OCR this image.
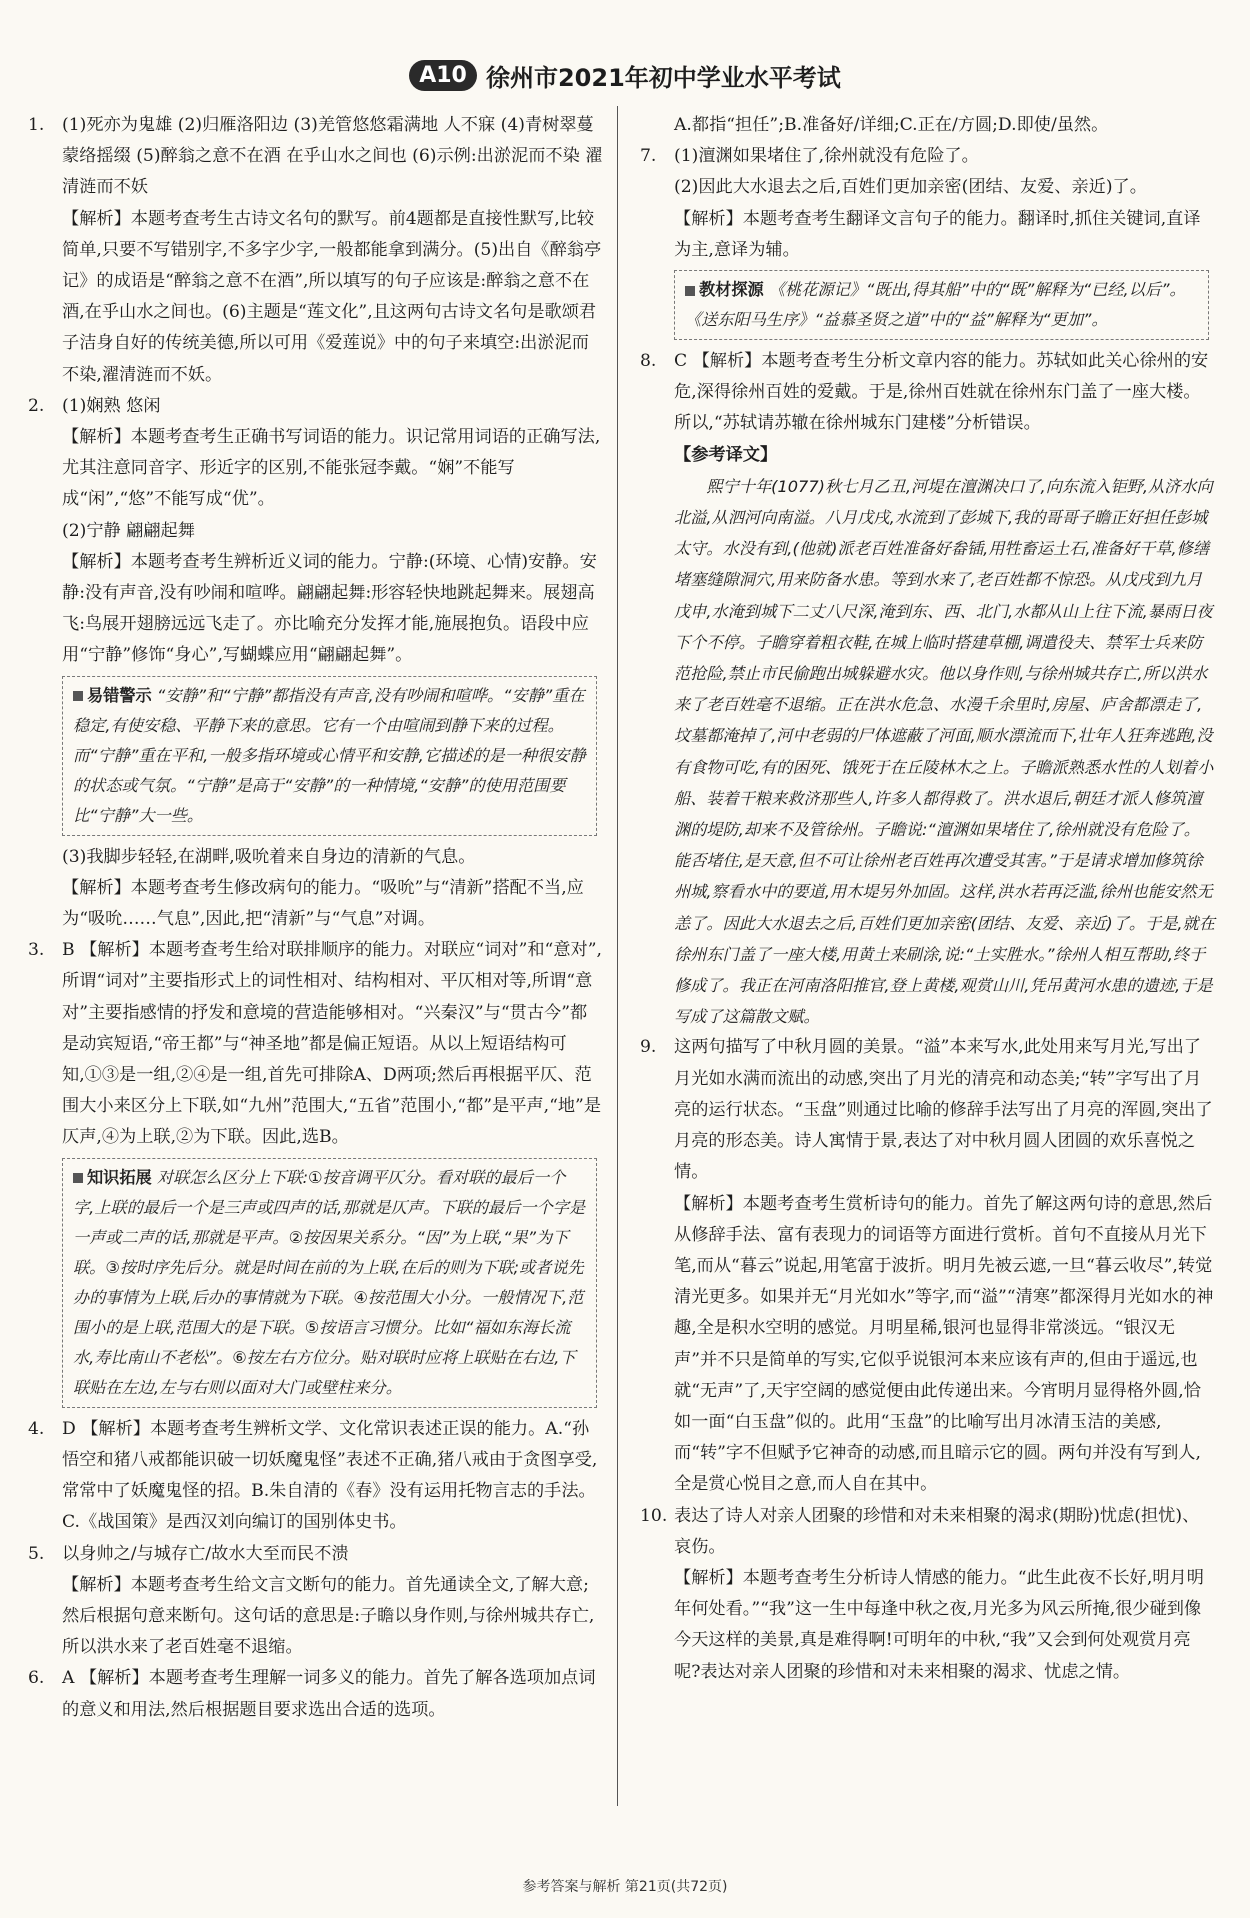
A10 徐州市2021年初中学业水平考试
1.	(1)死亦为鬼雄 (2)归雁洛阳边 (3)羌管悠悠霜满地 人不寐 (4)青树翠蔓 蒙络摇缀 (5)醉翁之意不在酒 在乎山水之间也 (6)示例:出淤泥而不染 濯清涟而不妖
【解析】本题考查考生古诗文名句的默写。前4题都是直接性默写,比较简单,只要不写错别字,不多字少字,一般都能拿到满分。(5)出自《醉翁亭记》的成语是“醉翁之意不在酒”,所以填写的句子应该是:醉翁之意不在酒,在乎山水之间也。(6)主题是“莲文化”,且这两句古诗文名句是歌颂君子洁身自好的传统美德,所以可用《爱莲说》中的句子来填空:出淤泥而不染,濯清涟而不妖。
2.	(1)娴熟 悠闲
【解析】本题考查考生正确书写词语的能力。识记常用词语的正确写法,尤其注意同音字、形近字的区别,不能张冠李戴。“娴”不能写成“闲”,“悠”不能写成“优”。
(2)宁静 翩翩起舞
【解析】本题考查考生辨析近义词的能力。宁静:(环境、心情)安静。安静:没有声音,没有吵闹和喧哗。翩翩起舞:形容轻快地跳起舞来。展翅高飞:鸟展开翅膀远远飞走了。亦比喻充分发挥才能,施展抱负。语段中应用“宁静”修饰“身心”,写蝴蝶应用“翩翩起舞”。
易错警示 “安静”和“宁静”都指没有声音,没有吵闹和喧哗。“安静”重在稳定,有使安稳、平静下来的意思。它有一个由喧闹到静下来的过程。而“宁静”重在平和,一般多指环境或心情平和安静,它描述的是一种很安静的状态或气氛。“宁静”是高于“安静”的一种情境,“安静”的使用范围要比“宁静”大一些。
(3)我脚步轻轻,在湖畔,吸吮着来自身边的清新的气息。
【解析】本题考查考生修改病句的能力。“吸吮”与“清新”搭配不当,应为“吸吮……气息”,因此,把“清新”与“气息”对调。
3.	B 【解析】本题考查考生给对联排顺序的能力。对联应“词对”和“意对”,所谓“词对”主要指形式上的词性相对、结构相对、平仄相对等,所谓“意对”主要指感情的抒发和意境的营造能够相对。“兴秦汉”与“贯古今”都是动宾短语,“帝王都”与“神圣地”都是偏正短语。从以上短语结构可知,①③是一组,②④是一组,首先可排除A、D两项;然后再根据平仄、范围大小来区分上下联,如“九州”范围大,“五省”范围小,“都”是平声,“地”是仄声,④为上联,②为下联。因此,选B。
知识拓展 对联怎么区分上下联:①按音调平仄分。看对联的最后一个字,上联的最后一个是三声或四声的话,那就是仄声。下联的最后一个字是一声或二声的话,那就是平声。②按因果关系分。“因”为上联,“果”为下联。③按时序先后分。就是时间在前的为上联,在后的则为下联;或者说先办的事情为上联,后办的事情就为下联。④按范围大小分。一般情况下,范围小的是上联,范围大的是下联。⑤按语言习惯分。比如“福如东海长流水,寿比南山不老松”。⑥按左右方位分。贴对联时应将上联贴在右边,下联贴在左边,左与右则以面对大门或壁柱来分。
4.	D 【解析】本题考查考生辨析文学、文化常识表述正误的能力。A.“孙悟空和猪八戒都能识破一切妖魔鬼怪”表述不正确,猪八戒由于贪图享受,常常中了妖魔鬼怪的招。B.朱自清的《春》没有运用托物言志的手法。C.《战国策》是西汉刘向编订的国别体史书。
5.	以身帅之/与城存亡/故水大至而民不溃
【解析】本题考查考生给文言文断句的能力。首先通读全文,了解大意;然后根据句意来断句。这句话的意思是:子瞻以身作则,与徐州城共存亡,所以洪水来了老百姓毫不退缩。
6.	A 【解析】本题考查考生理解一词多义的能力。首先了解各选项加点词的意义和用法,然后根据题目要求选出合适的选项。
A.都指“担任”;B.准备好/详细;C.正在/方圆;D.即使/虽然。
7.	(1)澶渊如果堵住了,徐州就没有危险了。
(2)因此大水退去之后,百姓们更加亲密(团结、友爱、亲近)了。
【解析】本题考查考生翻译文言句子的能力。翻译时,抓住关键词,直译为主,意译为辅。
教材探源 《桃花源记》“既出,得其船”中的“既”解释为“已经,以后”。《送东阳马生序》“益慕圣贤之道”中的“益”解释为“更加”。
8.	C 【解析】本题考查考生分析文章内容的能力。苏轼如此关心徐州的安危,深得徐州百姓的爱戴。于是,徐州百姓就在徐州东门盖了一座大楼。所以,“苏轼请苏辙在徐州城东门建楼”分析错误。
【参考译文】
熙宁十年(1077)秋七月乙丑,河堤在澶渊决口了,向东流入钜野,从济水向北溢,从泗河向南溢。八月戊戌,水流到了彭城下,我的哥哥子瞻正好担任彭城太守。水没有到,(他就)派老百姓准备好畚锸,用牲畜运土石,准备好干草,修缮堵塞缝隙洞穴,用来防备水患。等到水来了,老百姓都不惊恐。从戊戌到九月戊申,水淹到城下二丈八尺深,淹到东、西、北门,水都从山上往下流,暴雨日夜下个不停。子瞻穿着粗衣鞋,在城上临时搭建草棚,调遣役夫、禁军士兵来防范抢险,禁止市民偷跑出城躲避水灾。他以身作则,与徐州城共存亡,所以洪水来了老百姓毫不退缩。正在洪水危急、水漫千余里时,房屋、庐舍都漂走了,坟墓都淹掉了,河中老弱的尸体遮蔽了河面,顺水漂流而下,壮年人狂奔逃跑,没有食物可吃,有的困死、饿死于在丘陵林木之上。子瞻派熟悉水性的人划着小船、装着干粮来救济那些人,许多人都得救了。洪水退后,朝廷才派人修筑澶渊的堤防,却来不及管徐州。子瞻说:“澶渊如果堵住了,徐州就没有危险了。能否堵住,是天意,但不可让徐州老百姓再次遭受其害。”于是请求增加修筑徐州城,察看水中的要道,用木堤另外加固。这样,洪水若再泛滥,徐州也能安然无恙了。因此大水退去之后,百姓们更加亲密(团结、友爱、亲近)了。于是,就在徐州东门盖了一座大楼,用黄土来刷涂,说:“土实胜水。”徐州人相互帮助,终于修成了。我正在河南洛阳推官,登上黄楼,观赏山川,凭吊黄河水患的遗迹,于是写成了这篇散文赋。
9.	这两句描写了中秋月圆的美景。“溢”本来写水,此处用来写月光,写出了月光如水满而流出的动感,突出了月光的清亮和动态美;“转”字写出了月亮的运行状态。“玉盘”则通过比喻的修辞手法写出了月亮的浑圆,突出了月亮的形态美。诗人寓情于景,表达了对中秋月圆人团圆的欢乐喜悦之情。
【解析】本题考查考生赏析诗句的能力。首先了解这两句诗的意思,然后从修辞手法、富有表现力的词语等方面进行赏析。首句不直接从月光下笔,而从“暮云”说起,用笔富于波折。明月先被云遮,一旦“暮云收尽”,转觉清光更多。如果并无“月光如水”等字,而“溢”“清寒”都深得月光如水的神趣,全是积水空明的感觉。月明星稀,银河也显得非常淡远。“银汉无声”并不只是简单的写实,它似乎说银河本来应该有声的,但由于遥远,也就“无声”了,天宇空阔的感觉便由此传递出来。今宵明月显得格外圆,恰如一面“白玉盘”似的。此用“玉盘”的比喻写出月冰清玉洁的美感,而“转”字不但赋予它神奇的动感,而且暗示它的圆。两句并没有写到人,全是赏心悦目之意,而人自在其中。
10. 表达了诗人对亲人团聚的珍惜和对未来相聚的渴求(期盼)忧虑(担忧)、哀伤。
【解析】本题考查考生分析诗人情感的能力。“此生此夜不长好,明月明年何处看。”“我”这一生中每逢中秋之夜,月光多为风云所掩,很少碰到像今天这样的美景,真是难得啊!可明年的中秋,“我”又会到何处观赏月亮呢?表达对亲人团聚的珍惜和对未来相聚的渴求、忧虑之情。
参考答案与解析 第21页(共72页)
